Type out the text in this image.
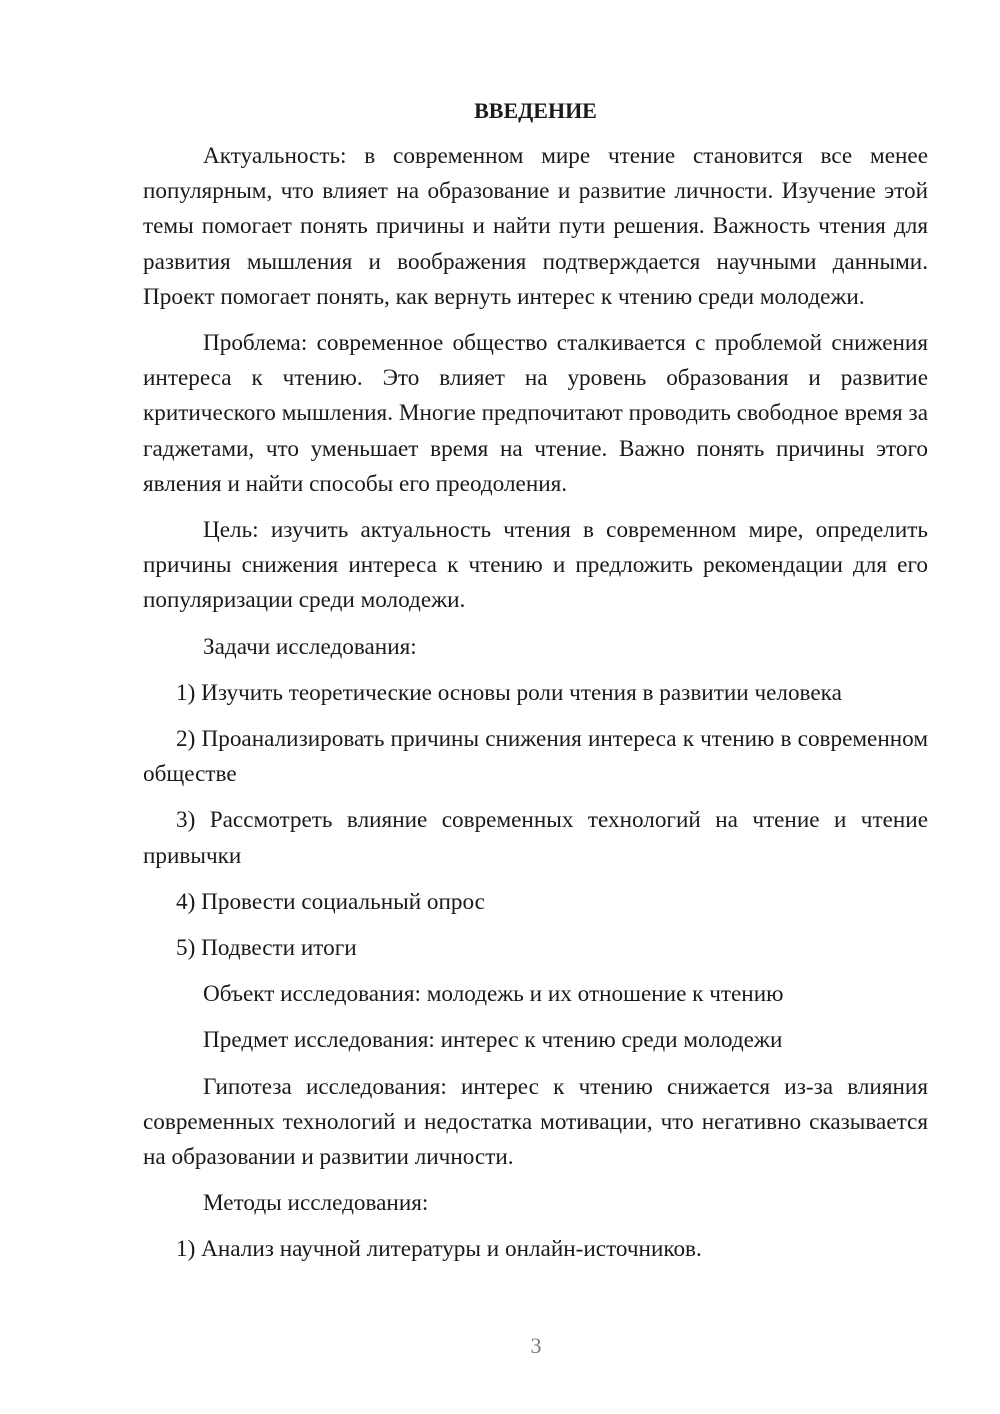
ВВЕДЕНИЕ

Актуальность: в современном мире чтение становится все менее популярным, что влияет на образование и развитие личности. Изучение этой темы помогает понять причины и найти пути решения. Важность чтения для развития мышления и воображения подтверждается научными данными. Проект помогает понять, как вернуть интерес к чтению среди молодежи.

Проблема: современное общество сталкивается с проблемой снижения интереса к чтению. Это влияет на уровень образования и развитие критического мышления. Многие предпочитают проводить свободное время за гаджетами, что уменьшает время на чтение. Важно понять причины этого явления и найти способы его преодоления.

Цель: изучить актуальность чтения в современном мире, определить причины снижения интереса к чтению и предложить рекомендации для его популяризации среди молодежи.

Задачи исследования:

1) Изучить теоретические основы роли чтения в развитии человека

2) Проанализировать причины снижения интереса к чтению в современном обществе

3) Рассмотреть влияние современных технологий на чтение и чтение привычки

4) Провести социальный опрос

5) Подвести итоги

Объект исследования: молодежь и их отношение к чтению

Предмет исследования: интерес к чтению среди молодежи

Гипотеза исследования: интерес к чтению снижается из-за влияния современных технологий и недостатка мотивации, что негативно сказывается на образовании и развитии личности.

Методы исследования:

1) Анализ научной литературы и онлайн-источников.

3
